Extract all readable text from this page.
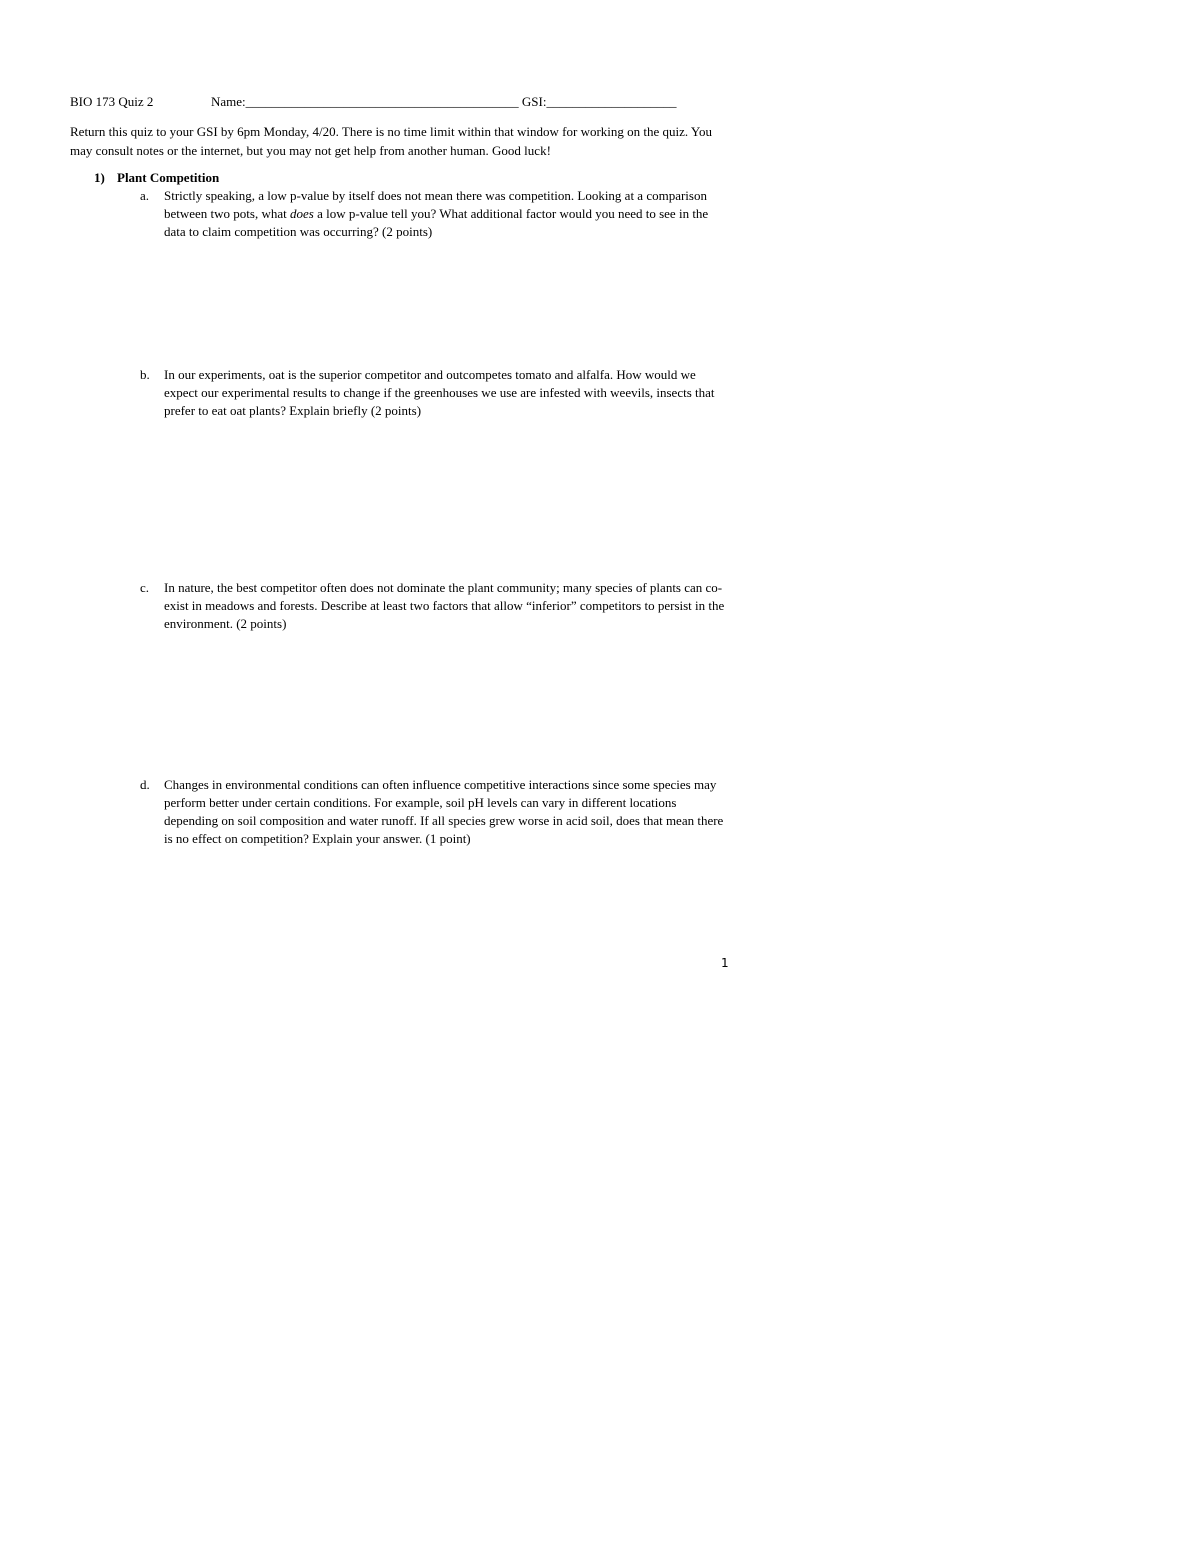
BIO 173 Quiz 2	Name:__________________________________________ GSI:____________________
Return this quiz to your GSI by 6pm Monday, 4/20. There is no time limit within that window for working on the quiz. You may consult notes or the internet, but you may not get help from another human. Good luck!
1) Plant Competition
a.	Strictly speaking, a low p-value by itself does not mean there was competition. Looking at a comparison between two pots, what does a low p-value tell you? What additional factor would you need to see in the data to claim competition was occurring? (2 points)
b.	In our experiments, oat is the superior competitor and outcompetes tomato and alfalfa. How would we expect our experimental results to change if the greenhouses we use are infested with weevils, insects that prefer to eat oat plants? Explain briefly (2 points)
c.	In nature, the best competitor often does not dominate the plant community; many species of plants can co-exist in meadows and forests. Describe at least two factors that allow “inferior” competitors to persist in the environment. (2 points)
d.	Changes in environmental conditions can often influence competitive interactions since some species may perform better under certain conditions. For example, soil pH levels can vary in different locations depending on soil composition and water runoff. If all species grew worse in acid soil, does that mean there is no effect on competition? Explain your answer. (1 point)
1
